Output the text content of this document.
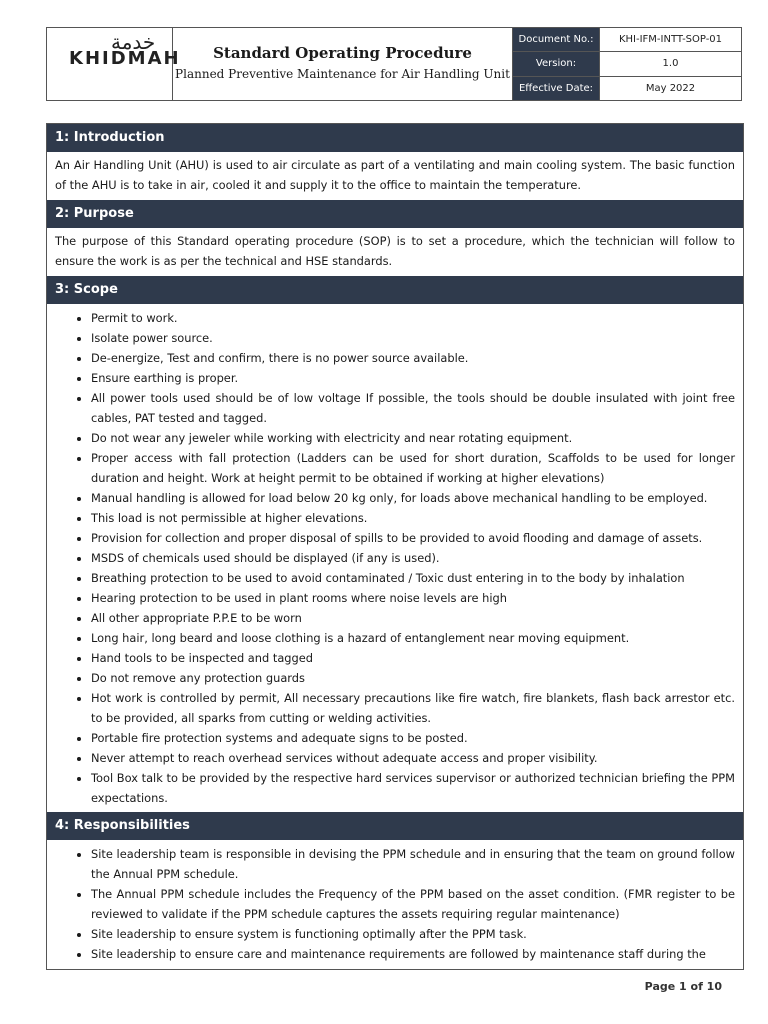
خدمة
KHIDMAH	Standard Operating Procedure
Planned Preventive Maintenance for Air Handling Unit
Document No.:	KHI-IFM-INTT-SOP-01
Version:	1.0
Effective Date:	May 2022
1: Introduction
An Air Handling Unit (AHU) is used to air circulate as part of a ventilating and main cooling system. The basic function of the AHU is to take in air, cooled it and supply it to the office to maintain the temperature.
2: Purpose
The purpose of this Standard operating procedure (SOP) is to set a procedure, which the technician will follow to ensure the work is as per the technical and HSE standards.
3: Scope
• Permit to work.
• Isolate power source.
• De-energize, Test and confirm, there is no power source available.
• Ensure earthing is proper.
• All power tools used should be of low voltage If possible, the tools should be double insulated with joint free cables, PAT tested and tagged.
• Do not wear any jeweler while working with electricity and near rotating equipment.
• Proper access with fall protection (Ladders can be used for short duration, Scaffolds to be used for longer duration and height. Work at height permit to be obtained if working at higher elevations)
• Manual handling is allowed for load below 20 kg only, for loads above mechanical handling to be employed.
• This load is not permissible at higher elevations.
• Provision for collection and proper disposal of spills to be provided to avoid flooding and damage of assets.
• MSDS of chemicals used should be displayed (if any is used).
• Breathing protection to be used to avoid contaminated / Toxic dust entering in to the body by inhalation
• Hearing protection to be used in plant rooms where noise levels are high
• All other appropriate P.P.E to be worn
• Long hair, long beard and loose clothing is a hazard of entanglement near moving equipment.
• Hand tools to be inspected and tagged
• Do not remove any protection guards
• Hot work is controlled by permit, All necessary precautions like fire watch, fire blankets, flash back arrestor etc. to be provided, all sparks from cutting or welding activities.
• Portable fire protection systems and adequate signs to be posted.
• Never attempt to reach overhead services without adequate access and proper visibility.
• Tool Box talk to be provided by the respective hard services supervisor or authorized technician briefing the PPM expectations.
4: Responsibilities
• Site leadership team is responsible in devising the PPM schedule and in ensuring that the team on ground follow the Annual PPM schedule.
• The Annual PPM schedule includes the Frequency of the PPM based on the asset condition. (FMR register to be reviewed to validate if the PPM schedule captures the assets requiring regular maintenance)
• Site leadership to ensure system is functioning optimally after the PPM task.
• Site leadership to ensure care and maintenance requirements are followed by maintenance staff during the
Page 1 of 10
